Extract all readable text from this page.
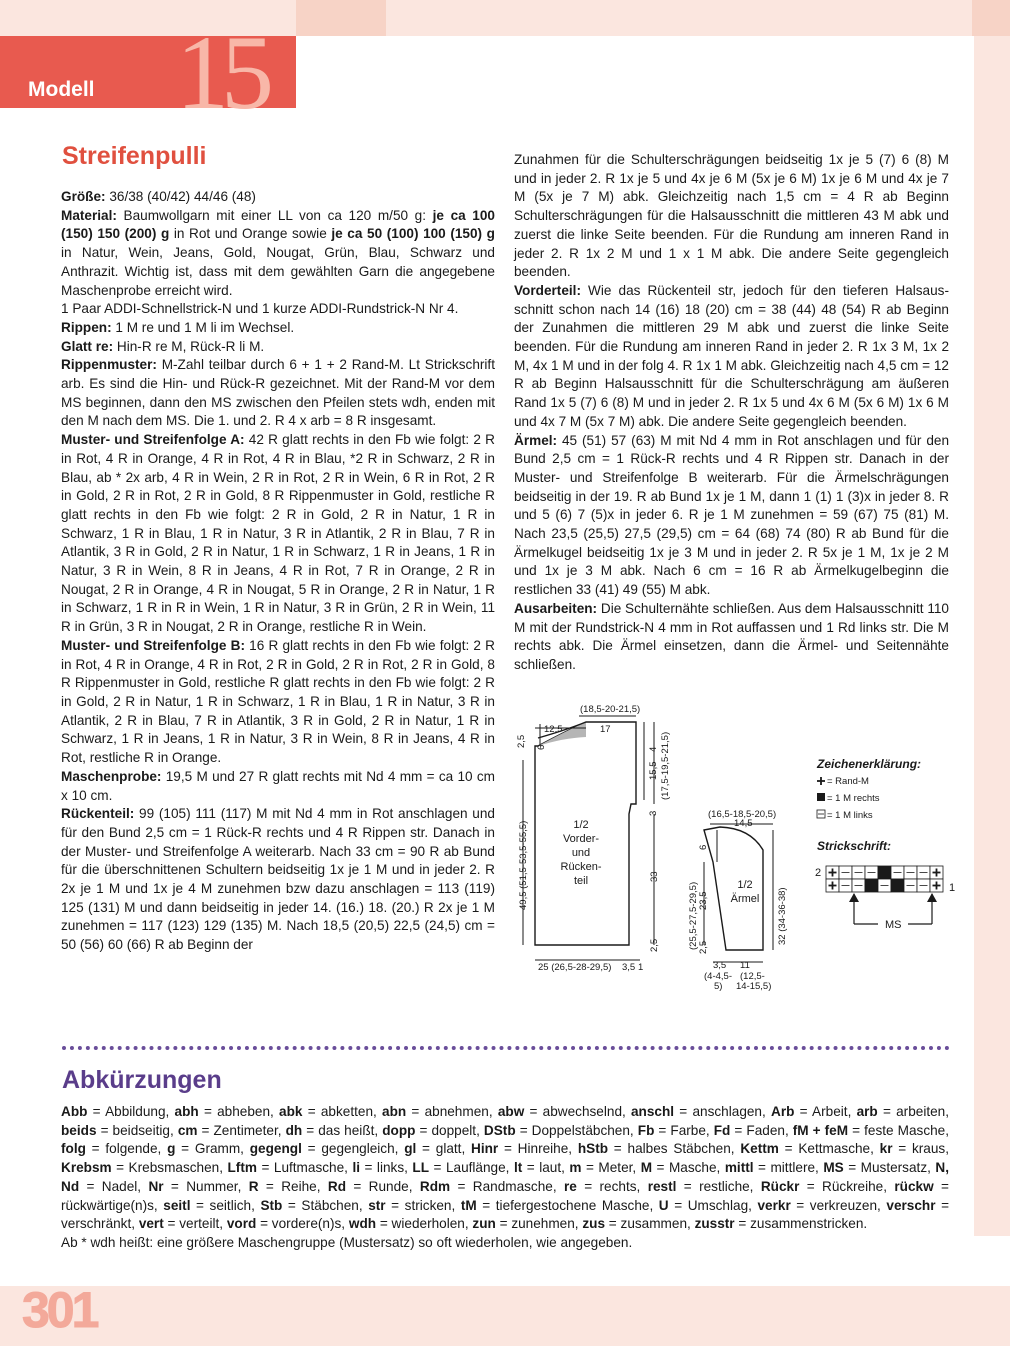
15
Modell
Streifenpulli

Größe: 36/38 (40/42) 44/46 (48)

Material: Baumwollgarn mit einer LL von ca 120 m/50 g: je ca 100 (150) 150 (200) g in Rot und Orange sowie je ca 50 (100) 100 (150) g in Natur, Wein, Jeans, Gold, Nougat, Grün, Blau, Schwarz und Anthrazit. Wichtig ist, dass mit dem gewählten Garn die angegebene Maschenprobe erreicht wird.

1 Paar ADDI-Schnellstrick-N und 1 kurze ADDI-Rundstrick-N Nr 4.

Rippen: 1 M re und 1 M li im Wechsel.

Glatt re: Hin-R re M, Rück-R li M.

Rippenmuster: M-Zahl teilbar durch 6 + 1 + 2 Rand-M. Lt Strickschrift arb. Es sind die Hin- und Rück-R gezeichnet. Mit der Rand-M vor dem MS beginnen, dann den MS zwischen den Pfeilen stets wdh, enden mit den M nach dem MS. Die 1. und 2. R 4 x arb = 8 R insgesamt.

Muster- und Streifenfolge A: 42 R glatt rechts in den Fb wie folgt: 2 R in Rot, 4 R in Orange, 4 R in Rot, 4 R in Blau, *2 R in Schwarz, 2 R in Blau, ab * 2x arb, 4 R in Wein, 2 R in Rot, 2 R in Wein, 6 R in Rot, 2 R in Gold, 2 R in Rot, 2 R in Gold, 8 R Rippenmuster in Gold, restliche R glatt rechts in den Fb wie folgt: 2 R in Gold, 2 R in Natur, 1 R in Schwarz, 1 R in Blau, 1 R in Natur, 3 R in Atlantik, 2 R in Blau, 7 R in Atlantik, 3 R in Gold, 2 R in Natur, 1 R in Schwarz, 1 R in Jeans, 1 R in Natur, 3 R in Wein, 8 R in Jeans, 4 R in Rot, 7 R in Orange, 2 R in Nougat, 2 R in Orange, 4 R in Nougat, 5 R in Orange, 2 R in Natur, 1 R in Schwarz, 1 R in R in Wein, 1 R in Natur, 3 R in Grün, 2 R in Wein, 11 R in Grün, 3 R in Nougat, 2 R in Orange, restliche R in Wein.

Muster- und Streifenfolge B: 16 R glatt rechts in den Fb wie folgt: 2 R in Rot, 4 R in Orange, 4 R in Rot, 2 R in Gold, 2 R in Rot, 2 R in Gold, 8 R Rippenmuster in Gold, restliche R glatt rechts in den Fb wie folgt: 2 R in Gold, 2 R in Natur, 1 R in Schwarz, 1 R in Blau, 1 R in Natur, 3 R in Atlantik, 2 R in Blau, 7 R in Atlantik, 3 R in Gold, 2 R in Natur, 1 R in Schwarz, 1 R in Jeans, 1 R in Natur, 3 R in Wein, 8 R in Jeans, 4 R in Rot, restliche R in Orange.

Maschenprobe: 19,5 M und 27 R glatt rechts mit Nd 4 mm = ca 10 cm x 10 cm.

Rückenteil: 99 (105) 111 (117) M mit Nd 4 mm in Rot anschlagen und für den Bund 2,5 cm = 1 Rück-R rechts und 4 R Rippen str. Danach in der Muster- und Streifenfolge A weiterarb. Nach 33 cm = 90 R ab Bund für die überschnittenen Schultern beidseitig 1x je 1 M und in jeder 2. R 2x je 1 M und 1x je 4 M zunehmen bzw dazu anschlagen = 113 (119) 125 (131) M und dann beidseitig in jeder 14. (16.) 18. (20.) R 2x je 1 M zunehmen = 117 (123) 129 (135) M. Nach 18,5 (20,5) 22,5 (24,5) cm = 50 (56) 60 (66) R ab Beginn der

Zunahmen für die Schulterschrägungen beidseitig 1x je 5 (7) 6 (8) M und in jeder 2. R 1x je 5 und 4x je 6 M (5x je 6 M) 1x je 6 M und 4x je 7 M (5x je 7 M) abk. Gleichzeitig nach 1,5 cm = 4 R ab Beginn Schulterschrägungen für die Halsausschnitt die mittleren 43 M abk und zuerst die linke Seite beenden. Für die Rundung am inneren Rand in jeder 2. R 1x 2 M und 1 x 1 M abk. Die andere Seite gegengleich beenden.

Vorderteil: Wie das Rückenteil str, jedoch für den tieferen Halsausschnitt schon nach 14 (16) 18 (20) cm = 38 (44) 48 (54) R ab Beginn der Zunahmen die mittleren 29 M abk und zuerst die linke Seite beenden. Für die Rundung am inneren Rand in jeder 2. R 1x 3 M, 1x 2 M, 4x 1 M und in der folg 4. R 1x 1 M abk. Gleichzeitig nach 4,5 cm = 12 R ab Beginn Halsausschnitt für die Schulterschrägung am äußeren Rand 1x 5 (7) 6 (8) M und in jeder 2. R 1x 5 und 4x 6 M (5x 6 M) 1x 6 M und 4x 7 M (5x 7 M) abk. Die andere Seite gegengleich beenden.

Ärmel: 45 (51) 57 (63) M mit Nd 4 mm in Rot anschlagen und für den Bund 2,5 cm = 1 Rück-R rechts und 4 R Rippen str. Danach in der Muster- und Streifenfolge B weiterarb. Für die Ärmelschrägungen beidseitig in der 19. R ab Bund 1x je 1 M, dann 1 (1) 1 (3)x in jeder 8. R und 5 (6) 7 (5)x in jeder 6. R je 1 M zunehmen = 59 (67) 75 (81) M. Nach 23,5 (25,5) 27,5 (29,5) cm = 64 (68) 74 (80) R ab Bund für die Ärmelkugel beidseitig 1x je 3 M und in jeder 2. R 5x je 1 M, 1x je 2 M und 1x je 3 M abk. Nach 6 cm = 16 R ab Ärmelkugelbeginn die restlichen 33 (41) 49 (55) M abk.

Ausarbeiten: Die Schulternähte schließen. Aus dem Halsausschnitt 110 M mit der Rundstrick-N 4 mm in Rot auffassen und 1 Rd links str. Die M rechts abk. Die Ärmel einsetzen, dann die Ärmel- und Seitennähte schließen.

(18,5-20-21,5)
17
12,5
6
2,5
49,5 (51,5-53,5-55,5)
15,5 (17,5-19,5-21,5)
4
3
33
2,5
25 (26,5-28-29,5) 3,5 1
(16,5-18,5-20,5)
14,5
6
(25,5-27,5-29,5) 23,5	32 (34-36-38)
2,5
3,5 11
(4-4,5-
5)
(12,5-
14-15,5)
1/2
Vorder-
und
Rücken-
teil	1/2
Ärmel
Zeichenerklärung:
= Rand-M
= 1 M rechts
= 1 M links
Strickschrift:
2
1
MS
Abkürzungen

Abb = Abbildung, abh = abheben, abk = abketten, abn = abnehmen, abw = abwechselnd, anschl = anschlagen, Arb = Arbeit, arb = arbeiten, beids = beidseitig, cm = Zentimeter, dh = das heißt, dopp = doppelt, DStb = Doppelstäbchen, Fb = Farbe, Fd = Faden, fM + feM = feste Masche, folg = folgende, g = Gramm, gegengl = gegengleich, gl = glatt, Hinr = Hinreihe, hStb = halbes Stäbchen, Kettm = Kettmasche, kr = kraus, Krebsm = Krebsmaschen, Lftm = Luftmasche, li = links, LL = Lauflänge, lt = laut, m = Meter, M = Masche, mittl = mittlere, MS = Mustersatz, N, Nd = Nadel, Nr = Nummer, R = Reihe, Rd = Runde, Rdm = Randmasche, re = rechts, restl = restliche, Rückr = Rückreihe, rückw = rückwärtige(n)s, seitl = seitlich, Stb = Stäbchen, str = stricken, tM = tiefergestochene Masche, U = Umschlag, verkr = verkreuzen, verschr = verschränkt, vert = verteilt, vord = vordere(n)s, wdh = wiederholen, zun = zunehmen, zus = zusammen, zusstr = zusammenstricken.

Ab * wdh heißt: eine größere Maschengruppe (Mustersatz) so oft wiederholen, wie angegeben.

301
